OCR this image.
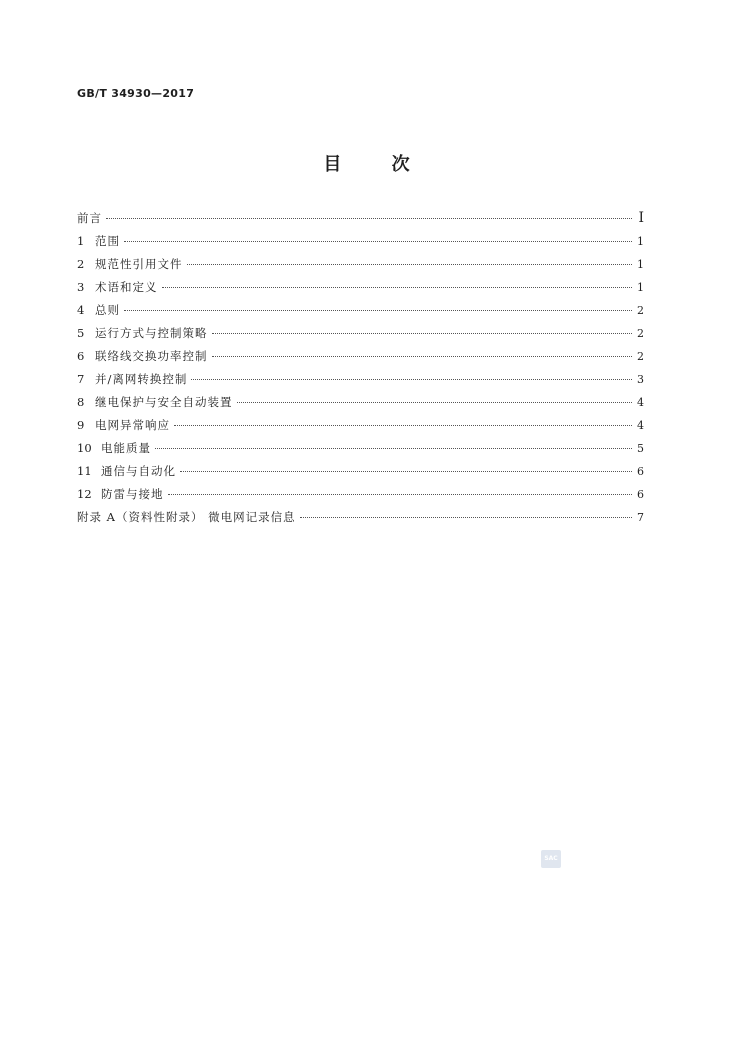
GB/T 34930—2017
目 次
前言	I
1 范围	1
2 规范性引用文件	1
3 术语和定义	1
4 总则	2
5 运行方式与控制策略	2
6 联络线交换功率控制	2
7 并/离网转换控制	3
8 继电保护与安全自动装置	4
9 电网异常响应	4
10 电能质量	5
11 通信与自动化	6
12 防雷与接地	6
附录 A（资料性附录） 微电网记录信息	7
SAC
